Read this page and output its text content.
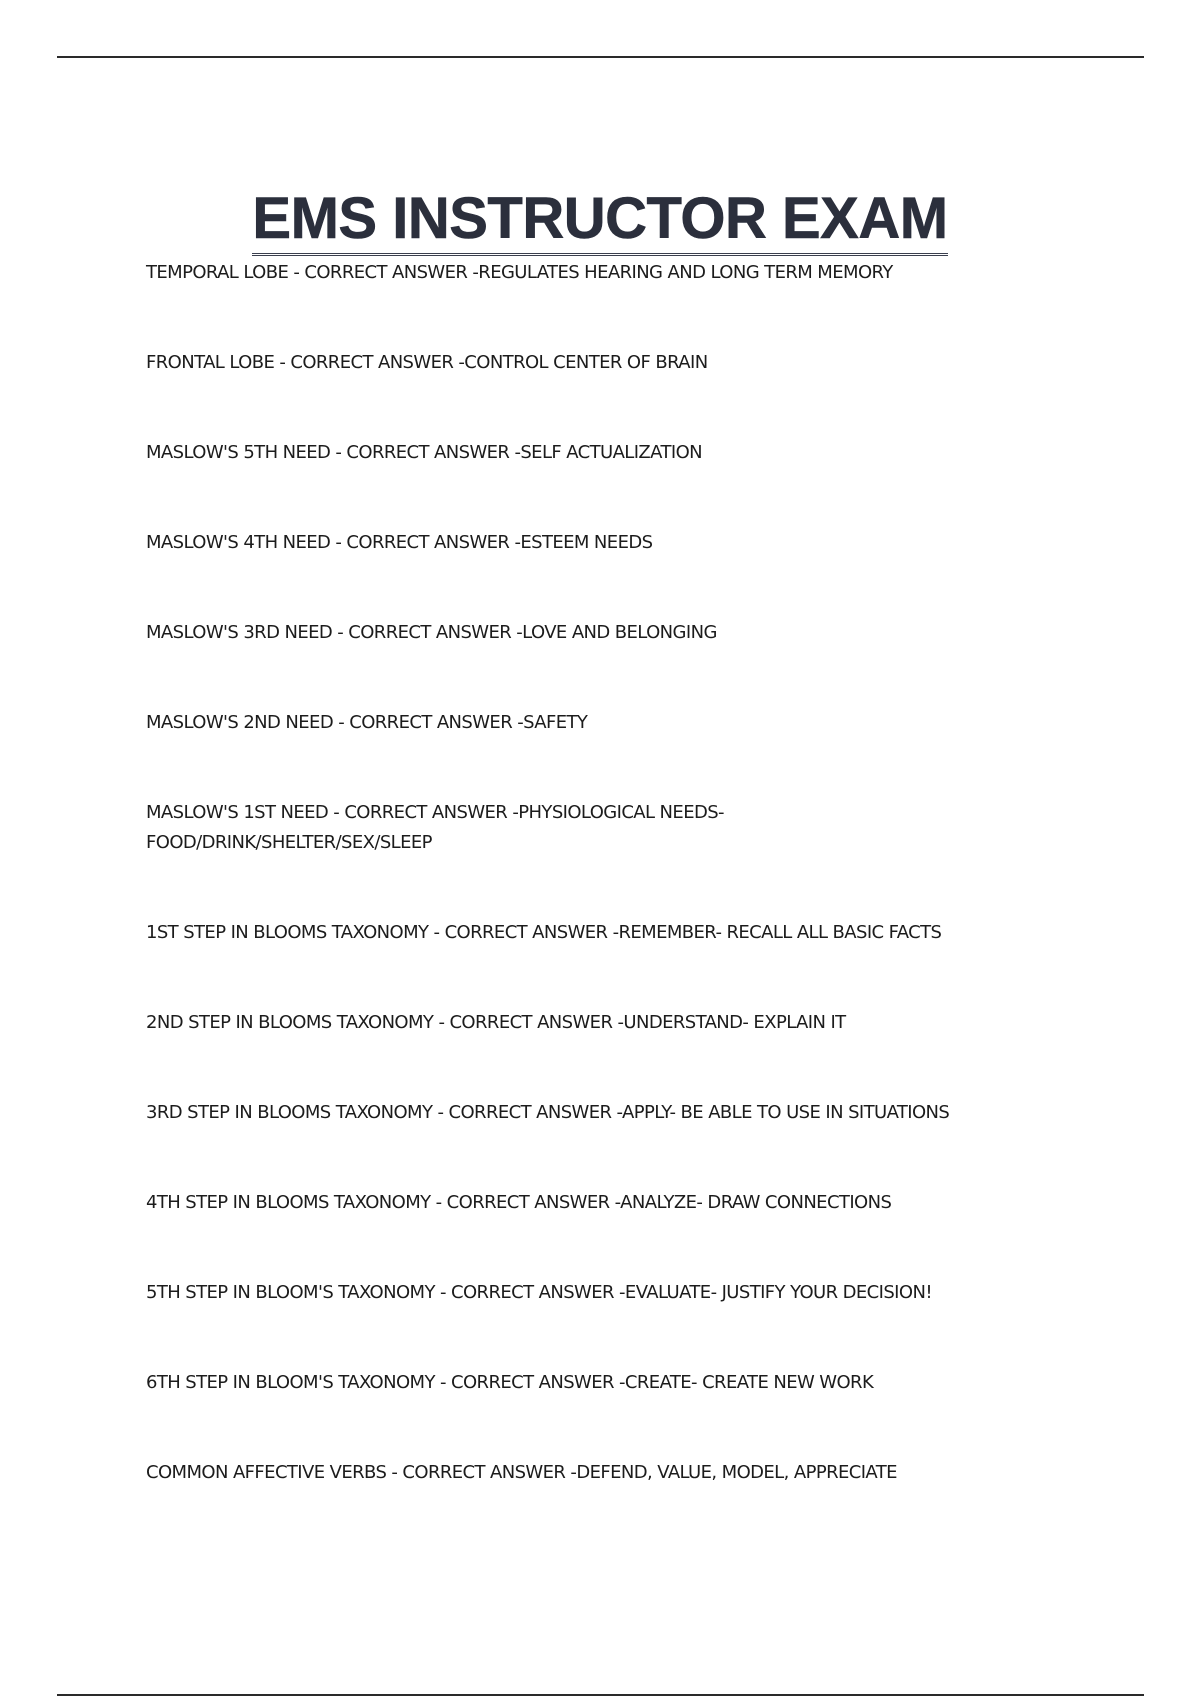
EMS INSTRUCTOR EXAM
TEMPORAL LOBE - CORRECT ANSWER -REGULATES HEARING AND LONG TERM MEMORY
FRONTAL LOBE - CORRECT ANSWER -CONTROL CENTER OF BRAIN
MASLOW'S 5TH NEED - CORRECT ANSWER -SELF ACTUALIZATION
MASLOW'S 4TH NEED - CORRECT ANSWER -ESTEEM NEEDS
MASLOW'S 3RD NEED - CORRECT ANSWER -LOVE AND BELONGING
MASLOW'S 2ND NEED - CORRECT ANSWER -SAFETY
MASLOW'S 1ST NEED - CORRECT ANSWER -PHYSIOLOGICAL NEEDS- FOOD/DRINK/SHELTER/SEX/SLEEP
1ST STEP IN BLOOMS TAXONOMY - CORRECT ANSWER -REMEMBER- RECALL ALL BASIC FACTS
2ND STEP IN BLOOMS TAXONOMY - CORRECT ANSWER -UNDERSTAND- EXPLAIN IT
3RD STEP IN BLOOMS TAXONOMY - CORRECT ANSWER -APPLY- BE ABLE TO USE IN SITUATIONS
4TH STEP IN BLOOMS TAXONOMY - CORRECT ANSWER -ANALYZE- DRAW CONNECTIONS
5TH STEP IN BLOOM'S TAXONOMY - CORRECT ANSWER -EVALUATE- JUSTIFY YOUR DECISION!
6TH STEP IN BLOOM'S TAXONOMY - CORRECT ANSWER -CREATE- CREATE NEW WORK
COMMON AFFECTIVE VERBS - CORRECT ANSWER -DEFEND, VALUE, MODEL, APPRECIATE
